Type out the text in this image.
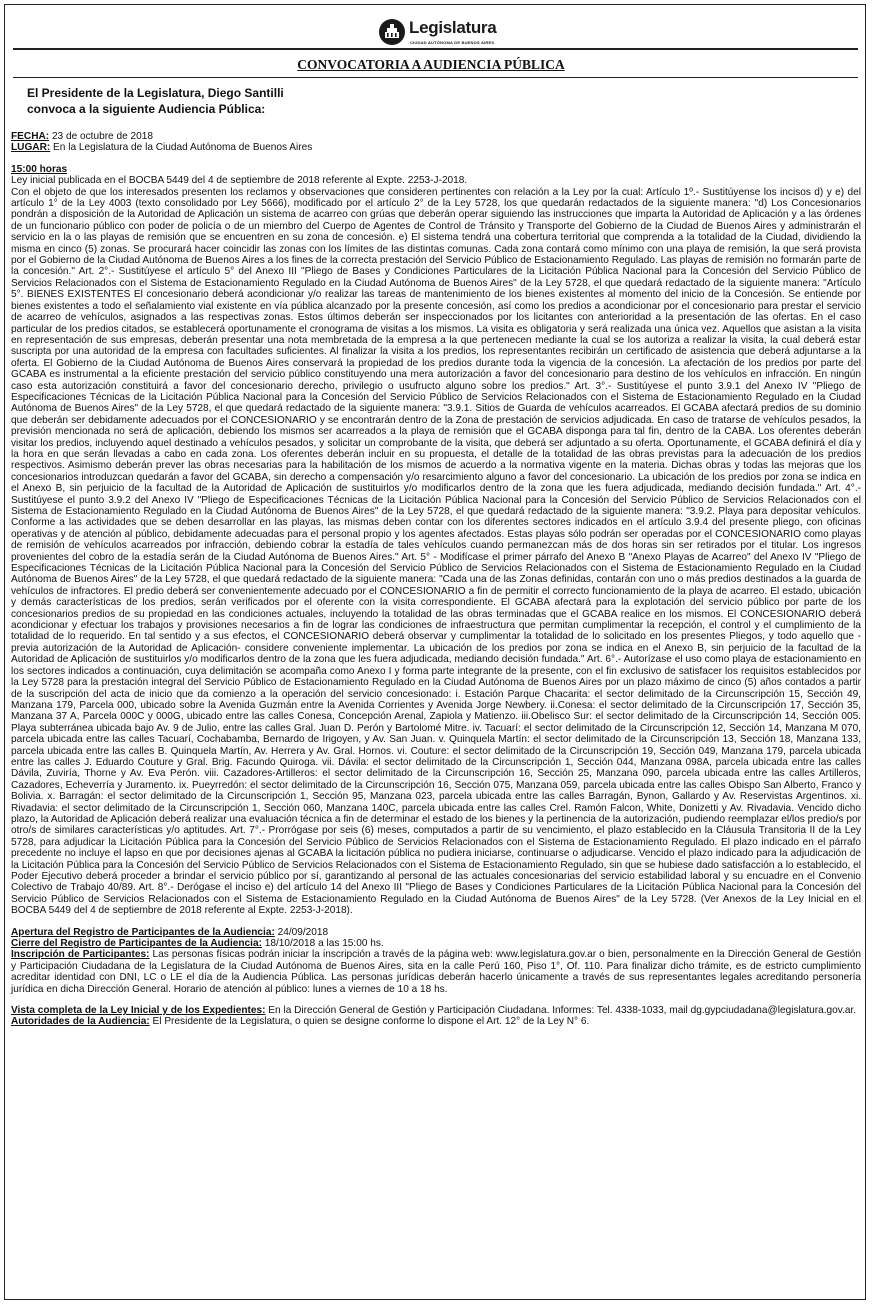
Legislatura
CIUDAD AUTÓNOMA DE BUENOS AIRES
CONVOCATORIA A AUDIENCIA PÚBLICA
El Presidente de la Legislatura, Diego Santilli
convoca a la siguiente Audiencia Pública:

FECHA: 23 de octubre de 2018

LUGAR: En la Legislatura de la Ciudad Autónoma de Buenos Aires

15:00 horas

Ley inicial publicada en el BOCBA 5449 del 4 de septiembre de 2018 referente al Expte. 2253-J-2018.

Con el objeto de que los interesados presenten los reclamos y observaciones que consideren pertinentes con relación a la Ley por la cual: Artículo 1º.- Sustitúyense los incisos d) y e) del artículo 1° de la Ley 4003 (texto consolidado por Ley 5666), modificado por el artículo 2° de la Ley 5728, los que quedarán redactados de la siguiente manera: "d) Los Concesionarios pondrán a disposición de la Autoridad de Aplicación un sistema de acarreo con grúas que deberán operar siguiendo las instrucciones que imparta la Autoridad de Aplicación y a las órdenes de un funcionario público con poder de policía o de un miembro del Cuerpo de Agentes de Control de Tránsito y Transporte del Gobierno de la Ciudad de Buenos Aires y administrarán el servicio en la o las playas de remisión que se encuentren en su zona de concesión. e) El sistema tendrá una cobertura territorial que comprenda a la totalidad de la Ciudad, dividiendo la misma en cinco (5) zonas. Se procurará hacer coincidir las zonas con los límites de las distintas comunas. Cada zona contará como mínimo con una playa de remisión, la que será provista por el Gobierno de la Ciudad Autónoma de Buenos Aires a los fines de la correcta prestación del Servicio Público de Estacionamiento Regulado. Las playas de remisión no formarán parte de la concesión." Art. 2°.- Sustitúyese el artículo 5° del Anexo III "Pliego de Bases y Condiciones Particulares de la Licitación Pública Nacional para la Concesión del Servicio Público de Servicios Relacionados con el Sistema de Estacionamiento Regulado en la Ciudad Autónoma de Buenos Aires" de la Ley 5728, el que quedará redactado de la siguiente manera: "Artículo 5°. BIENES EXISTENTES El concesionario deberá acondicionar y/o realizar las tareas de mantenimiento de los bienes existentes al momento del inicio de la Concesión. Se entiende por bienes existentes a todo el señalamiento vial existente en vía pública alcanzado por la presente concesión, así como los predios a acondicionar por el concesionario para prestar el servicio de acarreo de vehículos, asignados a las respectivas zonas. Estos últimos deberán ser inspeccionados por los licitantes con anterioridad a la presentación de las ofertas. En el caso particular de los predios citados, se establecerá oportunamente el cronograma de visitas a los mismos. La visita es obligatoria y será realizada una única vez. Aquellos que asistan a la visita en representación de sus empresas, deberán presentar una nota membretada de la empresa a la que pertenecen mediante la cual se los autoriza a realizar la visita, la cual deberá estar suscripta por una autoridad de la empresa con facultades suficientes. Al finalizar la visita a los predios, los representantes recibirán un certificado de asistencia que deberá adjuntarse a la oferta. El Gobierno de la Ciudad Autónoma de Buenos Aires conservará la propiedad de los predios durante toda la vigencia de la concesión. La afectación de los predios por parte del GCABA es instrumental a la eficiente prestación del servicio público constituyendo una mera autorización a favor del concesionario para destino de los vehículos en infracción. En ningún caso esta autorización constituirá a favor del concesionario derecho, privilegio o usufructo alguno sobre los predios." Art. 3°.- Sustitúyese el punto 3.9.1 del Anexo IV "Pliego de Especificaciones Técnicas de la Licitación Pública Nacional para la Concesión del Servicio Público de Servicios Relacionados con el Sistema de Estacionamiento Regulado en la Ciudad Autónoma de Buenos Aires" de la Ley 5728, el que quedará redactado de la siguiente manera: "3.9.1. Sitios de Guarda de vehículos acarreados. El GCABA afectará predios de su dominio que deberán ser debidamente adecuados por el CONCESIONARIO y se encontrarán dentro de la Zona de prestación de servicios adjudicada. En caso de tratarse de vehículos pesados, la previsión mencionada no será de aplicación, debiendo los mismos ser acarreados a la playa de remisión que el GCABA disponga para tal fin, dentro de la CABA. Los oferentes deberán visitar los predios, incluyendo aquel destinado a vehículos pesados, y solicitar un comprobante de la visita, que deberá ser adjuntado a su oferta. Oportunamente, el GCABA definirá el día y la hora en que serán llevadas a cabo en cada zona. Los oferentes deberán incluir en su propuesta, el detalle de la totalidad de las obras previstas para la adecuación de los predios respectivos. Asimismo deberán prever las obras necesarias para la habilitación de los mismos de acuerdo a la normativa vigente en la materia. Dichas obras y todas las mejoras que los concesionarios introduzcan quedarán a favor del GCABA, sin derecho a compensación y/o resarcimiento alguno a favor del concesionario. La ubicación de los predios por zona se indica en el Anexo B, sin perjuicio de la facultad de la Autoridad de Aplicación de sustituirlos y/o modificarlos dentro de la zona que les fuera adjudicada, mediando decisión fundada." Art. 4°.- Sustitúyese el punto 3.9.2 del Anexo IV "Pliego de Especificaciones Técnicas de la Licitación Pública Nacional para la Concesión del Servicio Público de Servicios Relacionados con el Sistema de Estacionamiento Regulado en la Ciudad Autónoma de Buenos Aires" de la Ley 5728, el que quedará redactado de la siguiente manera: "3.9.2. Playa para depositar vehículos. Conforme a las actividades que se deben desarrollar en las playas, las mismas deben contar con los diferentes sectores indicados en el artículo 3.9.4 del presente pliego, con oficinas operativas y de atención al público, debidamente adecuadas para el personal propio y los agentes afectados. Estas playas sólo podrán ser operadas por el CONCESIONARIO como playas de remisión de vehículos acarreados por infracción, debiendo cobrar la estadía de tales vehículos cuando permanezcan más de dos horas sin ser retirados por el titular. Los ingresos provenientes del cobro de la estadía serán de la Ciudad Autónoma de Buenos Aires." Art. 5° - Modifícase el primer párrafo del Anexo B "Anexo Playas de Acarreo" del Anexo IV "Pliego de Especificaciones Técnicas de la Licitación Pública Nacional para la Concesión del Servicio Público de Servicios Relacionados con el Sistema de Estacionamiento Regulado en la Ciudad Autónoma de Buenos Aires" de la Ley 5728, el que quedará redactado de la siguiente manera: "Cada una de las Zonas definidas, contarán con uno o más predios destinados a la guarda de vehículos de infractores. El predio deberá ser convenientemente adecuado por el CONCESIONARIO a fin de permitir el correcto funcionamiento de la playa de acarreo. El estado, ubicación y demás características de los predios, serán verificados por el oferente con la visita correspondiente. El GCABA afectará para la explotación del servicio público por parte de los concesionarios predios de su propiedad en las condiciones actuales, incluyendo la totalidad de las obras terminadas que el GCABA realice en los mismos. El CONCESIONARIO deberá acondicionar y efectuar los trabajos y provisiones necesarios a fin de lograr las condiciones de infraestructura que permitan cumplimentar la recepción, el control y el cumplimiento de la totalidad de lo requerido. En tal sentido y a sus efectos, el CONCESIONARIO deberá observar y cumplimentar la totalidad de lo solicitado en los presentes Pliegos, y todo aquello que -previa autorización de la Autoridad de Aplicación- considere conveniente implementar. La ubicación de los predios por zona se indica en el Anexo B, sin perjuicio de la facultad de la Autoridad de Aplicación de sustituirlos y/o modificarlos dentro de la zona que les fuera adjudicada, mediando decisión fundada." Art. 6°.- Autorízase el uso como playa de estacionamiento en los sectores indicados a continuación, cuya delimitación se acompaña como Anexo I y forma parte integrante de la presente, con el fin exclusivo de satisfacer los requisitos establecidos por la Ley 5728 para la prestación integral del Servicio Público de Estacionamiento Regulado en la Ciudad Autónoma de Buenos Aires por un plazo máximo de cinco (5) años contados a partir de la suscripción del acta de inicio que da comienzo a la operación del servicio concesionado: i. Estación Parque Chacarita: el sector delimitado de la Circunscripción 15, Sección 49, Manzana 179, Parcela 000, ubicado sobre la Avenida Guzmán entre la Avenida Corrientes y Avenida Jorge Newbery. ii.Conesa: el sector delimitado de la Circunscripción 17, Sección 35, Manzana 37 A, Parcela 000C y 000G, ubicado entre las calles Conesa, Concepción Arenal, Zapiola y Matienzo. iii.Obelisco Sur: el sector delimitado de la Circunscripción 14, Sección 005. Playa subterránea ubicada bajo Av. 9 de Julio, entre las calles Gral. Juan D. Perón y Bartolomé Mitre. iv. Tacuarí: el sector delimitado de la Circunscripción 12, Sección 14, Manzana M 070, parcela ubicada entre las calles Tacuarí, Cochabamba, Bernardo de Irigoyen, y Av. San Juan. v. Quinquela Martín: el sector delimitado de la Circunscripción 13, Sección 18, Manzana 133, parcela ubicada entre las calles B. Quinquela Martín, Av. Herrera y Av. Gral. Hornos. vi. Couture: el sector delimitado de la Circunscripción 19, Sección 049, Manzana 179, parcela ubicada entre las calles J. Eduardo Couture y Gral. Brig. Facundo Quiroga. vii. Dávila: el sector delimitado de la Circunscripción 1, Sección 044, Manzana 098A, parcela ubicada entre las calles Dávila, Zuviría, Thorne y Av. Eva Perón. viii. Cazadores-Artilleros: el sector delimitado de la Circunscripción 16, Sección 25, Manzana 090, parcela ubicada entre las calles Artilleros, Cazadores, Echeverría y Juramento. ix. Pueyrredón: el sector delimitado de la Circunscripción 16, Sección 075, Manzana 059, parcela ubicada entre las calles Obispo San Alberto, Franco y Bolivia. x. Barragán: el sector delimitado de la Circunscripción 1, Sección 95, Manzana 023, parcela ubicada entre las calles Barragán, Bynon, Gallardo y Av. Reservistas Argentinos. xi. Rivadavia: el sector delimitado de la Circunscripción 1, Sección 060, Manzana 140C, parcela ubicada entre las calles Crel. Ramón Falcon, White, Donizetti y Av. Rivadavia. Vencido dicho plazo, la Autoridad de Aplicación deberá realizar una evaluación técnica a fin de determinar el estado de los bienes y la pertinencia de la autorización, pudiendo reemplazar el/los predio/s por otro/s de similares características y/o aptitudes. Art. 7°.- Prorrógase por seis (6) meses, computados a partir de su vencimiento, el plazo establecido en la Cláusula Transitoria II de la Ley 5728, para adjudicar la Licitación Pública para la Concesión del Servicio Público de Servicios Relacionados con el Sistema de Estacionamiento Regulado. El plazo indicado en el párrafo precedente no incluye el lapso en que por decisiones ajenas al GCABA la licitación pública no pudiera iniciarse, continuarse o adjudicarse. Vencido el plazo indicado para la adjudicación de la Licitación Pública para la Concesión del Servicio Público de Servicios Relacionados con el Sistema de Estacionamiento Regulado, sin que se hubiese dado satisfacción a lo establecido, el Poder Ejecutivo deberá proceder a brindar el servicio público por sí, garantizando al personal de las actuales concesionarias del servicio estabilidad laboral y su encuadre en el Convenio Colectivo de Trabajo 40/89. Art. 8°.- Derógase el inciso e) del artículo 14 del Anexo III "Pliego de Bases y Condiciones Particulares de la Licitación Pública Nacional para la Concesión del Servicio Público de Servicios Relacionados con el Sistema de Estacionamiento Regulado en la Ciudad Autónoma de Buenos Aires" de la Ley 5728. (Ver Anexos de la Ley Inicial en el BOCBA 5449 del 4 de septiembre de 2018 referente al Expte. 2253-J-2018).

Apertura del Registro de Participantes de la Audiencia: 24/09/2018

Cierre del Registro de Participantes de la Audiencia: 18/10/2018 a las 15:00 hs.

Inscripción de Participantes: Las personas físicas podrán iniciar la inscripción a través de la página web: www.legislatura.gov.ar o bien, personalmente en la Dirección General de Gestión y Participación Ciudadana de la Legislatura de la Ciudad Autónoma de Buenos Aires, sita en la calle Perú 160, Piso 1°, Of. 110. Para finalizar dicho trámite, es de estricto cumplimiento acreditar identidad con DNI, LC o LE el día de la Audiencia Pública. Las personas jurídicas deberán hacerlo únicamente a través de sus representantes legales acreditando personería jurídica en dicha Dirección General. Horario de atención al público: lunes a viernes de 10 a 18 hs.

Vista completa de la Ley Inicial y de los Expedientes: En la Dirección General de Gestión y Participación Ciudadana. Informes: Tel. 4338-1033, mail dg.gypciudadana@legislatura.gov.ar.

Autoridades de la Audiencia: El Presidente de la Legislatura, o quien se designe conforme lo dispone el Art. 12° de la Ley N° 6.
